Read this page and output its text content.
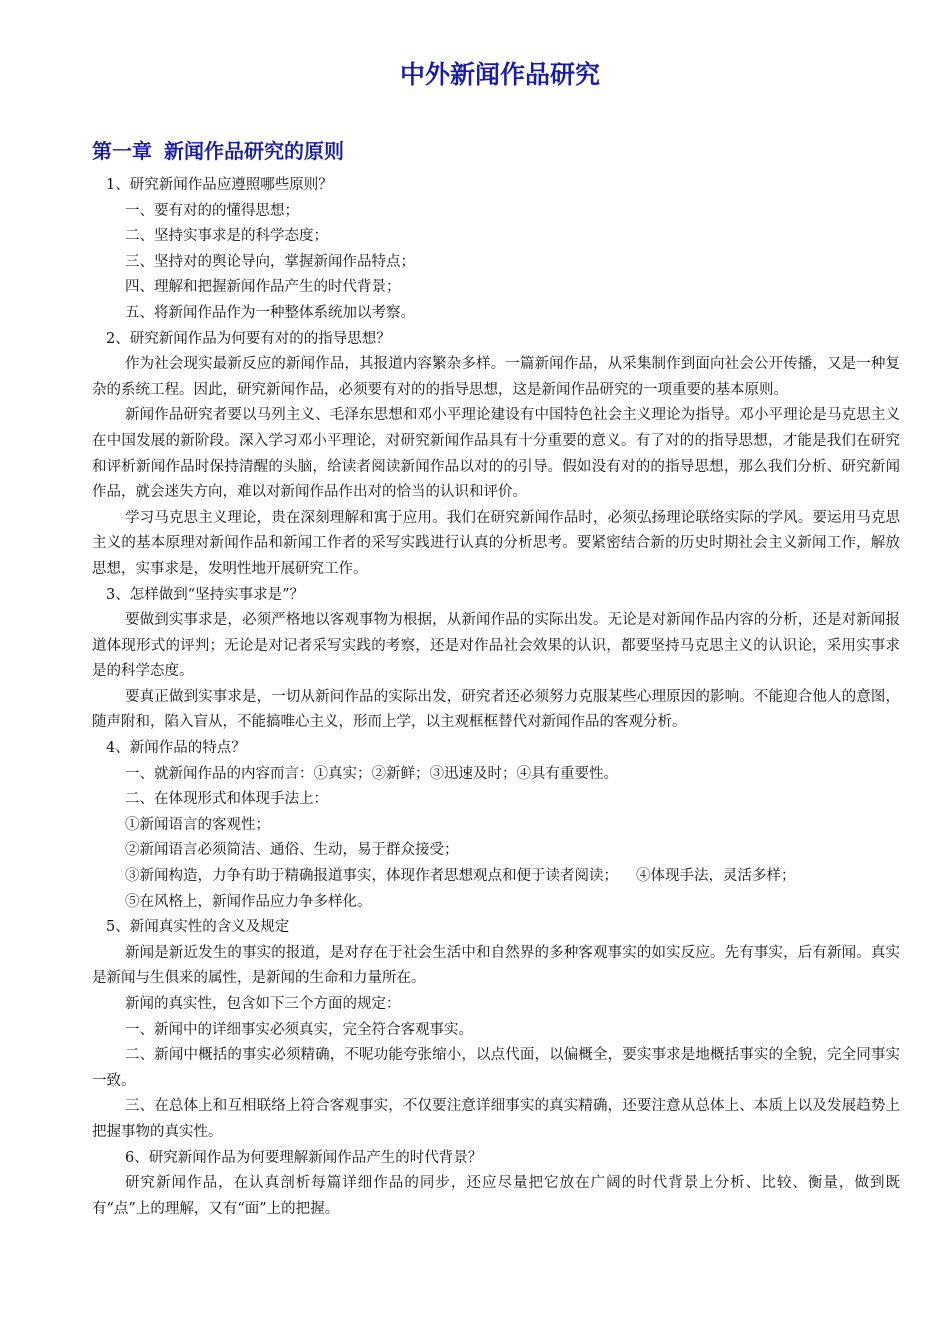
中外新闻作品研究
第一章 新闻作品研究的原则

1、研究新闻作品应遵照哪些原则？

一、要有对的的懂得思想；

二、坚持实事求是的科学态度；

三、坚持对的舆论导向，掌握新闻作品特点；

四、理解和把握新闻作品产生的时代背景；

五、将新闻作品作为一种整体系统加以考察。

2、研究新闻作品为何要有对的的指导思想？

作为社会现实最新反应的新闻作品，其报道内容繁杂多样。一篇新闻作品，从采集制作到面向社会公开传播，又是一种复杂的系统工程。因此，研究新闻作品，必须要有对的的指导思想，这是新闻作品研究的一项重要的基本原则。

新闻作品研究者要以马列主义、毛泽东思想和邓小平理论建设有中国特色社会主义理论为指导。邓小平理论是马克思主义在中国发展的新阶段。深入学习邓小平理论，对研究新闻作品具有十分重要的意义。有了对的的指导思想，才能是我们在研究和评析新闻作品时保持清醒的头脑，给读者阅读新闻作品以对的的引导。假如没有对的的指导思想，那么我们分析、研究新闻作品，就会迷失方向，难以对新闻作品作出对的恰当的认识和评价。

学习马克思主义理论，贵在深刻理解和寓于应用。我们在研究新闻作品时，必须弘扬理论联络实际的学风。要运用马克思主义的基本原理对新闻作品和新闻工作者的采写实践进行认真的分析思考。要紧密结合新的历史时期社会主义新闻工作，解放思想，实事求是，发明性地开展研究工作。

3、怎样做到“坚持实事求是”？

要做到实事求是，必须严格地以客观事物为根据，从新闻作品的实际出发。无论是对新闻作品内容的分析，还是对新闻报道体现形式的评判；无论是对记者采写实践的考察，还是对作品社会效果的认识，都要坚持马克思主义的认识论，采用实事求是的科学态度。

要真正做到实事求是，一切从新问作品的实际出发，研究者还必须努力克服某些心理原因的影响。不能迎合他人的意图，随声附和，陷入盲从，不能搞唯心主义，形而上学，以主观框框替代对新闻作品的客观分析。

4、新闻作品的特点？

一、就新闻作品的内容而言：①真实；②新鲜；③迅速及时；④具有重要性。

二、在体现形式和体现手法上：

①新闻语言的客观性；

②新闻语言必须简洁、通俗、生动，易于群众接受；

③新闻构造，力争有助于精确报道事实，体现作者思想观点和便于读者阅读； ④体现手法，灵活多样；

⑤在风格上，新闻作品应力争多样化。

5、新闻真实性的含义及规定

新闻是新近发生的事实的报道，是对存在于社会生活中和自然界的多种客观事实的如实反应。先有事实，后有新闻。真实是新闻与生俱来的属性，是新闻的生命和力量所在。

新闻的真实性，包含如下三个方面的规定：

一、新闻中的详细事实必须真实，完全符合客观事实。

二、新闻中概括的事实必须精确，不呢功能夸张缩小，以点代面，以偏概全，要实事求是地概括事实的全貌，完全同事实一致。

三、在总体上和互相联络上符合客观事实，不仅要注意详细事实的真实精确，还要注意从总体上、本质上以及发展趋势上把握事物的真实性。

6、研究新闻作品为何要理解新闻作品产生的时代背景？

研究新闻作品，在认真剖析每篇详细作品的同步，还应尽量把它放在广阔的时代背景上分析、比较、衡量，做到既有“点”上的理解，又有“面”上的把握。
